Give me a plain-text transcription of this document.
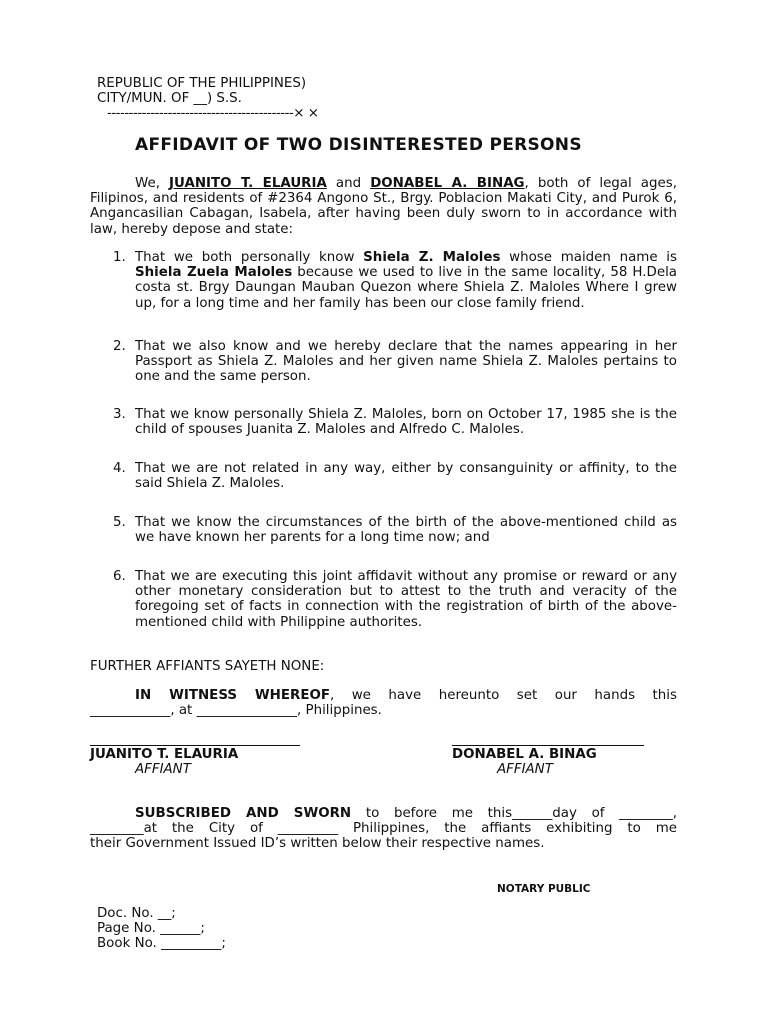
REPUBLIC OF THE PHILIPPINES)
CITY/MUN. OF __) S.S.
-------------------------------------------× ×
AFFIDAVIT OF TWO DISINTERESTED PERSONS
We, JUANITO T. ELAURIA and DONABEL A. BINAG, both of legal ages, Filipinos, and residents of #2364 Angono St., Brgy. Poblacion Makati City, and Purok 6, Angancasilian Cabagan, Isabela, after having been duly sworn to in accordance with law, hereby depose and state:
1. That we both personally know Shiela Z. Maloles whose maiden name is Shiela Zuela Maloles because we used to live in the same locality, 58 H.Dela costa st. Brgy Daungan Mauban Quezon where Shiela Z. Maloles Where I grew up, for a long time and her family has been our close family friend.
2. That we also know and we hereby declare that the names appearing in her Passport as Shiela Z. Maloles and her given name Shiela Z. Maloles pertains to one and the same person.
3. That we know personally Shiela Z. Maloles, born on October 17, 1985 she is the child of spouses Juanita Z. Maloles and Alfredo C. Maloles.
4. That we are not related in any way, either by consanguinity or affinity, to the said Shiela Z. Maloles.
5. That we know the circumstances of the birth of the above-mentioned child as we have known her parents for a long time now; and
6. That we are executing this joint affidavit without any promise or reward or any other monetary consideration but to attest to the truth and veracity of the foregoing set of facts in connection with the registration of birth of the above-mentioned child with Philippine authorites.
FURTHER AFFIANTS SAYETH NONE:
IN WITNESS WHEREOF, we have hereunto set our hands this
____________, at _______________, Philippines.
JUANITO T. ELAURIA
AFFIANT
DONABEL A. BINAG
AFFIANT
SUBSCRIBED AND SWORN to before me this______day of ________,
________at the City of _________ Philippines, the affiants exhibiting to me
their Government Issued ID’s written below their respective names.
NOTARY PUBLIC
Doc. No. __;
Page No. ______;
Book No. _________;
